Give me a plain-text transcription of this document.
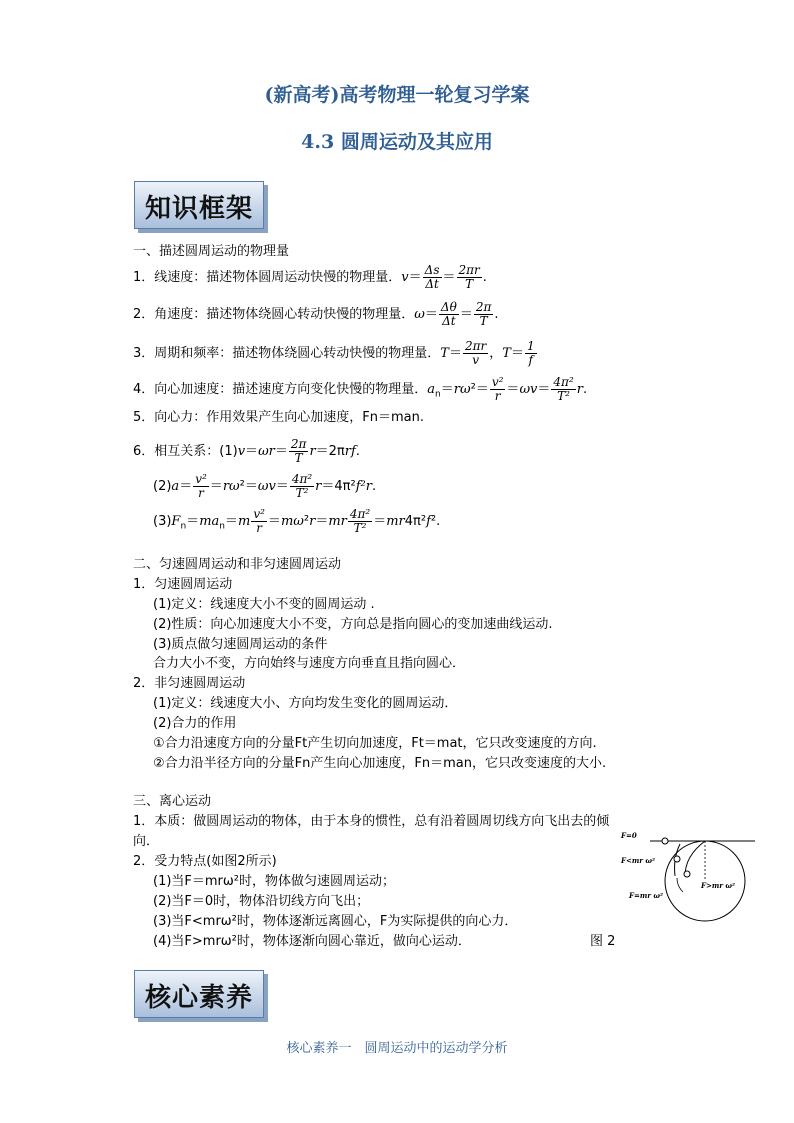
(新高考)高考物理一轮复习学案
4.3 圆周运动及其应用
知识框架
一、描述圆周运动的物理量
1．线速度：描述物体圆周运动快慢的物理量．$v= \frac{\Delta s}{\Delta t} = \frac{2\pi r}{T}$ .
2．角速度：描述物体绕圆心转动快慢的物理量．$\omega= \frac{\Delta\theta}{\Delta t} = \frac{2\pi}{T}$ .
3．周期和频率：描述物体绕圆心转动快慢的物理量．$T= \frac{2\pi r}{v}$ ，$T= \frac{1}{f}$
4．向心加速度：描述速度方向变化快慢的物理量．$a_n=r\omega^2= \frac{\text{v²}}{r} =\omega v= \frac{\text{4π²}}{\text{T²}} r$.
5．向心力：作用效果产生向心加速度，Fn＝man.
6．相互关系：$(1)v=\omega r= \frac{2\pi}{T} r=2\pi rf$.
$(2)a= \frac{\text{v²}}{r} =r\omega^2=\omega v= \frac{\text{4π²}}{\text{T²}} r=4\pi^2f^2r$.
$(3)F_n=ma_n=m \frac{\text{v²}}{r} =m\omega^2r=mr \frac{\text{4π²}}{\text{T²}} =mr4\pi^2f^2$.
二、匀速圆周运动和非匀速圆周运动
1．匀速圆周运动
(1)定义：线速度大小不变的圆周运动 .
(2)性质：向心加速度大小不变，方向总是指向圆心的变加速曲线运动.
(3)质点做匀速圆周运动的条件
合力大小不变，方向始终与速度方向垂直且指向圆心．
2．非匀速圆周运动
(1)定义：线速度大小、方向均发生变化的圆周运动．
(2)合力的作用
①合力沿速度方向的分量Ft产生切向加速度，Ft＝mat，它只改变速度的方向.
②合力沿半径方向的分量Fn产生向心加速度，Fn＝man，它只改变速度的大小.
三、离心运动
1．本质：做圆周运动的物体，由于本身的惯性，总有沿着圆周切线方向飞出去的倾
向．
2．受力特点(如图2所示)
(1)当F＝mrω²时，物体做匀速圆周运动；
(2)当F＝0时，物体沿切线方向飞出；
(3)当F<mrω²时，物体逐渐远离圆心，F为实际提供的向心力．
(4)当F>mrω²时，物体逐渐向圆心靠近，做向心运动．	图 2
F=0
F<mr ω²
F=mr ω²
F>mr ω²
核心素养
核心素养一　圆周运动中的运动学分析
